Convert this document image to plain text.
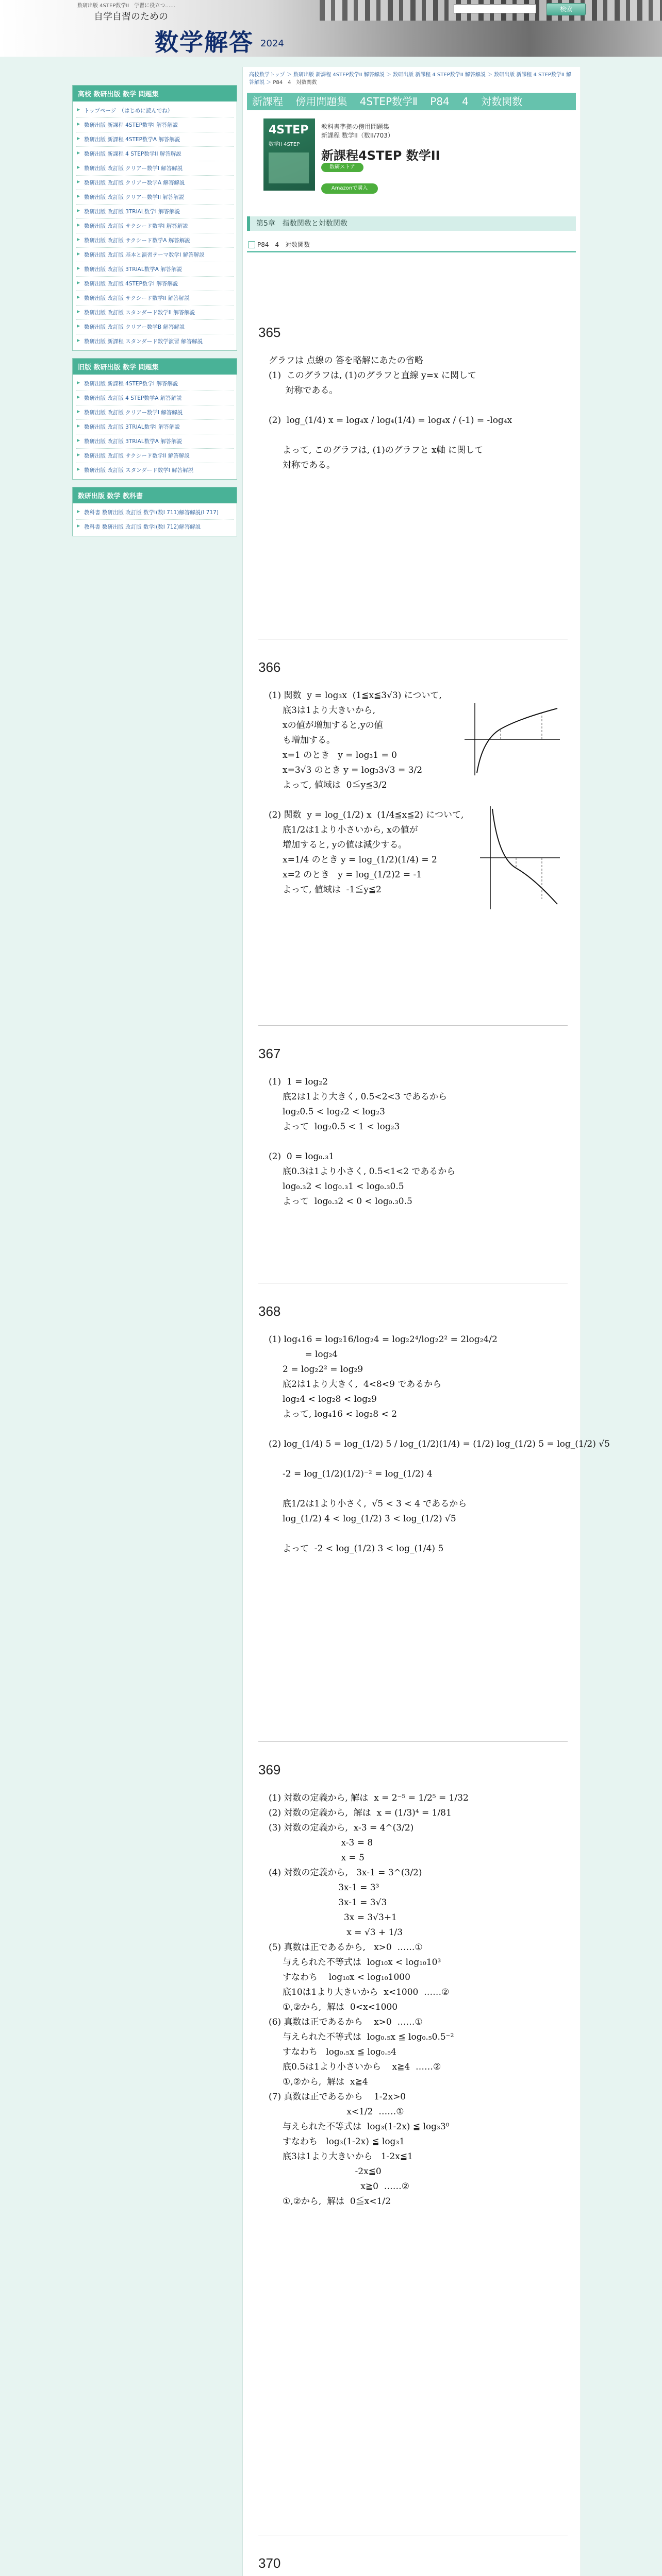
数研出版 4STEP数学II　学習に役立つ……
自学自習のための
数学解答 2024
検索
高校 数研出版 数学 問題集
▶ トップページ　（はじめに読んでね）
▶ 数研出版 新課程 4STEP数学I 解答解説
▶ 数研出版 新課程 4STEP数学A 解答解説
▶ 数研出版 新課程 4 STEP数学II 解答解説
▶ 数研出版 改訂版 クリアー数学I 解答解説
▶ 数研出版 改訂版 クリアー数学A 解答解説
▶ 数研出版 改訂版 クリアー数学II 解答解説
▶ 数研出版 改訂版 3TRIAL数学I 解答解説
▶ 数研出版 改訂版 サクシード数学I 解答解説
▶ 数研出版 改訂版 サクシード数学A 解答解説
▶ 数研出版 改訂版 基本と演習テーマ数学I 解答解説
▶ 数研出版 改訂版 3TRIAL数学A 解答解説
▶ 数研出版 改訂版 4STEP数学I 解答解説
▶ 数研出版 改訂版 サクシード数学II 解答解説
▶ 数研出版 改訂版 スタンダード数学II 解答解説
▶ 数研出版 改訂版 クリアー数学B 解答解説
▶ 数研出版 新課程 スタンダード数学演習 解答解説
旧版 数研出版 数学 問題集
▶ 数研出版 新課程 4STEP数学I 解答解説
▶ 数研出版 改訂版 4 STEP数学A 解答解説
▶ 数研出版 改訂版 クリアー数学I 解答解説
▶ 数研出版 改訂版 3TRIAL数学I 解答解説
▶ 数研出版 改訂版 3TRIAL数学A 解答解説
▶ 数研出版 改訂版 サクシード数学II 解答解説
▶ 数研出版 改訂版 スタンダード数学I 解答解説
数研出版 数学 教科書
▶ 教科書 数研出版 改訂版 数学I(数I 711)解答解説(I 717)
▶ 教科書 数研出版 改訂版 数学I(数I 712)解答解説
高校数学トップ ＞ 数研出版 新課程 4STEP数学II 解答解説 ＞ 数研出版 新課程 4 STEP数学II 解答解説 ＞ 数研出版 新課程 4 STEP数学II 解答解説 ＞ P84　4　対数関数
新課程 傍用問題集 4STEP数学Ⅱ P84 4 対数関数
4STEP
数学II 4STEP
教科書準拠の傍用問題集
新課程 数学II（数II/703）
新課程4STEP 数学II
数研ストア
Amazonで購入
第5章　指数関数と対数関数
P84　4　対数関数
365
グラフは 点線の 答を略解にあたの省略
(1)  このグラフは, (1)のグラフと直線 y=x に関して
対称である。

(2)  log_(1/4) x = log₄x / log₄(1/4) = log₄x / (-1) = -log₄x

よって, このグラフは, (1)のグラフと x軸 に関して
対称である。
366
(1) 関数  y = log₃x  (1≦x≦3√3) について,
底3は1より大きいから,
xの値が増加すると,yの値
も増加する。
x=1 のとき   y = log₃1 = 0
x=3√3 のとき y = log₃3√3 = 3/2
よって, 値域は  0≦y≦3/2

(2) 関数  y = log_(1/2) x  (1/4≦x≦2) について,
底1/2は1より小さいから, xの値が
増加すると, yの値は減少する。
x=1/4 のとき y = log_(1/2)(1/4) = 2
x=2 のとき   y = log_(1/2)2 = -1
よって, 値域は  -1≦y≦2
367
(1)  1 = log₂2
底2は1より大きく, 0.5<2<3 であるから
log₂0.5 < log₂2 < log₂3
よって  log₂0.5 < 1 < log₂3

(2)  0 = log₀.₃1
底0.3は1より小さく, 0.5<1<2 であるから
log₀.₃2 < log₀.₃1 < log₀.₃0.5
よって  log₀.₃2 < 0 < log₀.₃0.5
368
(1) log₄16 = log₂16/log₂4 = log₂2⁴/log₂2² = 2log₂4/2
= log₂4
2 = log₂2² = log₂9
底2は1より大きく,  4<8<9 であるから
log₂4 < log₂8 < log₂9
よって, log₄16 < log₂8 < 2

(2) log_(1/4) 5 = log_(1/2) 5 / log_(1/2)(1/4) = (1/2) log_(1/2) 5 = log_(1/2)

-2 = log_(1/2)(1/2)⁻² = log_(1/2) 4

底1/2は1より小さく,  √5 < 3 < 4 であるから
log_(1/2) 4 < log_(1/2) 3 < log_(1/2) √5

よって  -2 < log_(1/2) 3 < log_(1/4) 5
369
(1) 対数の定義から, 解は  x = 2⁻⁵ = 1/2⁵ = 1/32
(2) 対数の定義から,  解は  x = (1/3)⁴ = 1/81
(3) 対数の定義から,  x-3 = 4^(3/2)
x-3 = 8
x = 5
(4) 対数の定義から,   3x-1 = 3^(3/2)
3x-1 = 3³
3x-1 = 3√3
3x = 3√3+1
x = √3 + 1/3
(5) 真数は正であるから,   x>0  ……①
与えられた不等式は  log₁₀x < log₁₀10³
すなわち    log₁₀x < log₁₀1000
底10は1より大きいから  x<1000  ……②
①,②から,  解は  0<x<1000
(6) 真数は正であるから    x>0  ……①
与えられた不等式は  log₀.₅x ≦ log₀.₅0.5⁻²
すなわち   log₀.₅x ≦ log₀.₅4
底0.5は1より小さいから    x≧4  ……②
①,②から,  解は  x≧4
(7) 真数は正であるから    1-2x>0
x<1/2  ……①
与えられた不等式は  log₃(1-2x) ≦ log₃3⁰
すなわち   log₃(1-2x) ≦ log₃1
底3は1より大きいから   1-2x≦1
-2x≦0
x≧0  ……②
①,②から,  解は  0≦x<1/2
370
